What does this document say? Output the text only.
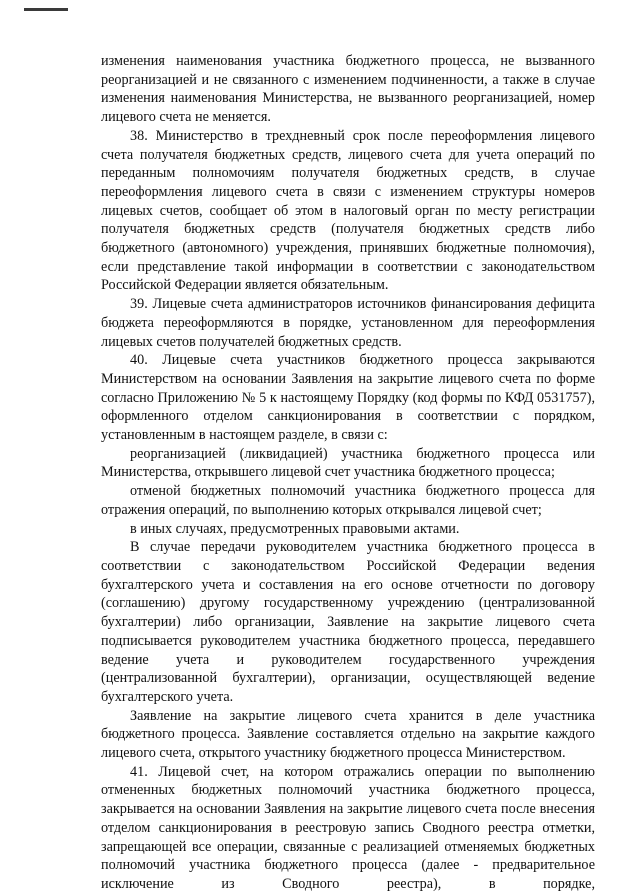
изменения наименования участника бюджетного процесса, не вызванного реорганизацией и не связанного с изменением подчиненности, а также в случае изменения наименования Министерства, не вызванного реорганизацией, номер лицевого счета не меняется.

38. Министерство в трехдневный срок после переоформления лицевого счета получателя бюджетных средств, лицевого счета для учета операций по переданным полномочиям получателя бюджетных средств, в случае переоформления лицевого счета в связи с изменением структуры номеров лицевых счетов, сообщает об этом в налоговый орган по месту регистрации получателя бюджетных средств (получателя бюджетных средств либо бюджетного (автономного) учреждения, принявших бюджетные полномочия), если представление такой информации в соответствии с законодательством Российской Федерации является обязательным.

39. Лицевые счета администраторов источников финансирования дефицита бюджета переоформляются в порядке, установленном для переоформления лицевых счетов получателей бюджетных средств.

40. Лицевые счета участников бюджетного процесса закрываются Министерством на основании Заявления на закрытие лицевого счета по форме согласно Приложению № 5 к настоящему Порядку (код формы по КФД 0531757), оформленного отделом санкционирования в соответствии с порядком, установленным в настоящем разделе, в связи с:

реорганизацией (ликвидацией) участника бюджетного процесса или Министерства, открывшего лицевой счет участника бюджетного процесса;

отменой бюджетных полномочий участника бюджетного процесса для отражения операций, по выполнению которых открывался лицевой счет;

в иных случаях, предусмотренных правовыми актами.

В случае передачи руководителем участника бюджетного процесса в соответствии с законодательством Российской Федерации ведения бухгалтерского учета и составления на его основе отчетности по договору (соглашению) другому государственному учреждению (централизованной бухгалтерии) либо организации, Заявление на закрытие лицевого счета подписывается руководителем участника бюджетного процесса, передавшего ведение учета и руководителем государственного учреждения (централизованной бухгалтерии), организации, осуществляющей ведение бухгалтерского учета.

Заявление на закрытие лицевого счета хранится в деле участника бюджетного процесса. Заявление составляется отдельно на закрытие каждого лицевого счета, открытого участнику бюджетного процесса Министерством.

41. Лицевой счет, на котором отражались операции по выполнению отмененных бюджетных полномочий участника бюджетного процесса, закрывается на основании Заявления на закрытие лицевого счета после внесения отделом санкционирования в реестровую запись Сводного реестра отметки, запрещающей все операции, связанные с реализацией отменяемых бюджетных полномочий участника бюджетного процесса (далее - предварительное исключение из Сводного реестра), в порядке,
